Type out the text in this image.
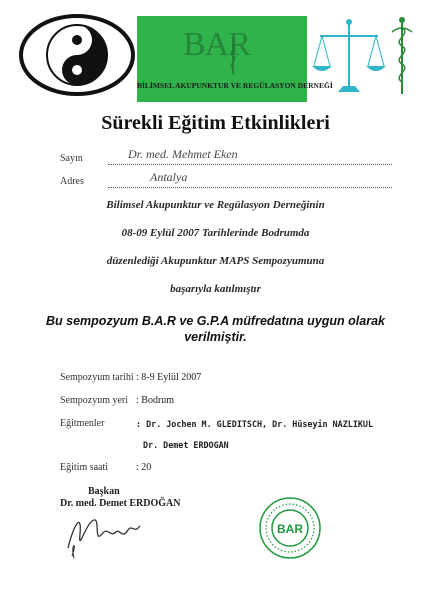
BAR
BİLİMSEL AKUPUNKTUR VE REGÜLASYON DERNEĞİ
Sürekli Eğitim Etkinlikleri
Sayın	Dr. med. Mehmet Eken
Adres	Antalya
Bilimsel Akupunktur ve Regülasyon Derneğinin
08-09 Eylül 2007 Tarihlerinde Bodrumda
düzenlediği Akupunktur MAPS Sempozyumuna
başarıyla katılmıştır
Bu sempozyum B.A.R ve G.P.A müfredatına uygun olarak
verilmiştir.
Sempozyum tarihi : 8-9 Eylül 2007
Sempozyum yeri : Bodrum
Eğitmenler	: Dr. Jochen M. GLEDITSCH, Dr. Hüseyin NAZLIKUL
Dr. Demet ERDOGAN
Eğitim saati	: 20
Başkan
Dr. med. Demet ERDOĞAN
BAR
